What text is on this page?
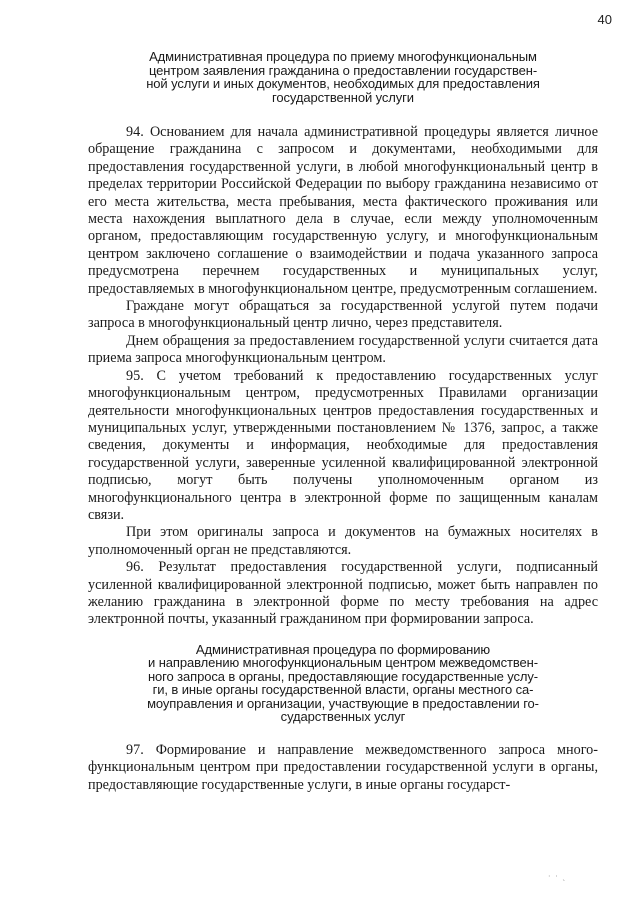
40
Административная процедура по приему многофункциональным
центром заявления гражданина о предоставлении государствен-
ной услуги и иных документов, необходимых для предоставления
государственной услуги

94. Основанием для начала административной процедуры является личное обращение гражданина с запросом и документами, необходимыми для предоставления государственной услуги, в любой многофункциональный центр в пределах территории Российской Федерации по выбору гражданина независимо от его места жительства, места пребывания, места фактического проживания или места нахождения выплатного дела в случае, если между уполномоченным органом, предоставляющим государственную услугу, и многофункциональным центром заключено соглашение о взаимодействии и подача указанного запроса предусмотрена перечнем государственных и муниципальных услуг, предоставляемых в многофункциональном центре, предусмотренным соглашением.

Граждане могут обращаться за государственной услугой путем подачи запроса в многофункциональный центр лично, через представителя.

Днем обращения за предоставлением государственной услуги считается дата приема запроса многофункциональным центром.

95. С учетом требований к предоставлению государственных услуг многофункциональным центром, предусмотренных Правилами организации деятельности многофункциональных центров предоставления государственных и муниципальных услуг, утвержденными постановлением № 1376, запрос, а также сведения, документы и информация, необходимые для предоставления государственной услуги, заверенные усиленной квалифицированной электронной подписью, могут быть получены уполномоченным органом из многофункционального центра в электронной форме по защищенным каналам связи.

При этом оригиналы запроса и документов на бумажных носителях в уполномоченный орган не представляются.

96. Результат предоставления государственной услуги, подписанный усиленной квалифицированной электронной подписью, может быть направлен по желанию гражданина в электронной форме по месту требования на адрес электронной почты, указанный гражданином при формировании запроса.

Административная процедура по формированию
и направлению многофункциональным центром межведомствен-
ного запроса в органы, предоставляющие государственные услу-
ги, в иные органы государственной власти, органы местного са-
моуправления и организации, участвующие в предоставлении го-
сударственных услуг

97. Формирование и направление межведомственного запроса многофункциональным центром при предоставлении государственной услуги в органы, предоставляющие государственные услуги, в иные органы государст-

· · ˎ
